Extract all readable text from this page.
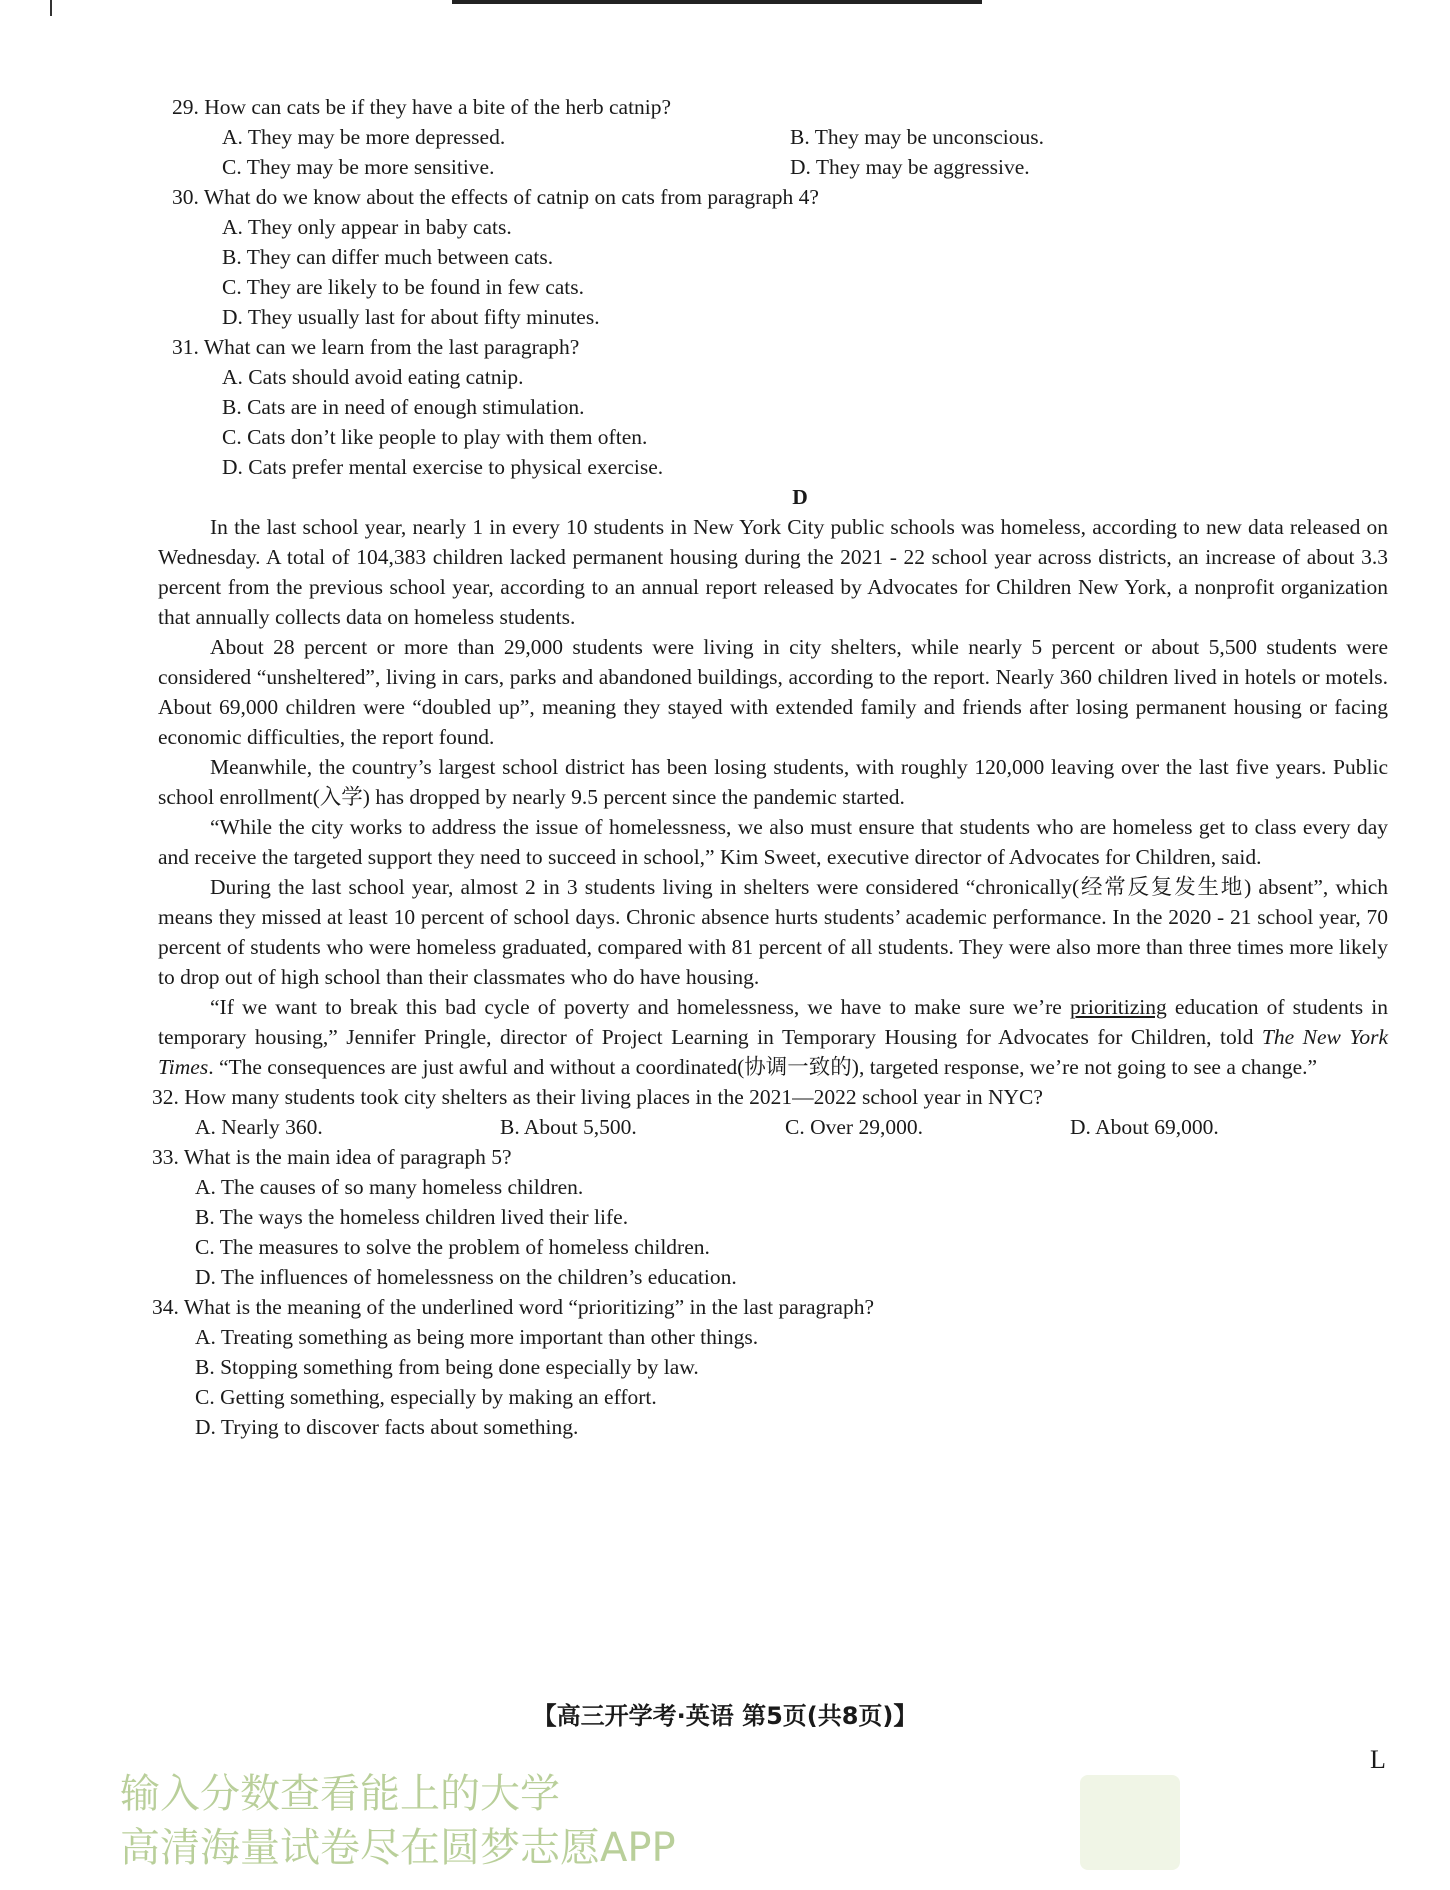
29. How can cats be if they have a bite of the herb catnip?
A. They may be more depressed.	B. They may be unconscious.
C. They may be more sensitive.	D. They may be aggressive.
30. What do we know about the effects of catnip on cats from paragraph 4?
A. They only appear in baby cats.
B. They can differ much between cats.
C. They are likely to be found in few cats.
D. They usually last for about fifty minutes.
31. What can we learn from the last paragraph?
A. Cats should avoid eating catnip.
B. Cats are in need of enough stimulation.
C. Cats don’t like people to play with them often.
D. Cats prefer mental exercise to physical exercise.
D

In the last school year, nearly 1 in every 10 students in New York City public schools was homeless, according to new data released on Wednesday. A total of 104,383 children lacked permanent housing during the 2021 - 22 school year across districts, an increase of about 3.3 percent from the previous school year, according to an annual report released by Advocates for Children New York, a nonprofit organization that annually collects data on homeless students.

About 28 percent or more than 29,000 students were living in city shelters, while nearly 5 percent or about 5,500 students were considered “unsheltered”, living in cars, parks and abandoned buildings, according to the report. Nearly 360 children lived in hotels or motels. About 69,000 children were “doubled up”, meaning they stayed with extended family and friends after losing permanent housing or facing economic difficulties, the report found.

Meanwhile, the country’s largest school district has been losing students, with roughly 120,000 leaving over the last five years. Public school enrollment(入学) has dropped by nearly 9.5 percent since the pandemic started.

“While the city works to address the issue of homelessness, we also must ensure that students who are homeless get to class every day and receive the targeted support they need to succeed in school,” Kim Sweet, executive director of Advocates for Children, said.

During the last school year, almost 2 in 3 students living in shelters were considered “chronically(经常反复发生地) absent”, which means they missed at least 10 percent of school days. Chronic absence hurts students’ academic performance. In the 2020 - 21 school year, 70 percent of students who were homeless graduated, compared with 81 percent of all students. They were also more than three times more likely to drop out of high school than their classmates who do have housing.

“If we want to break this bad cycle of poverty and homelessness, we have to make sure we’re prioritizing education of students in temporary housing,” Jennifer Pringle, director of Project Learning in Temporary Housing for Advocates for Children, told The New York Times. “The consequences are just awful and without a coordinated(协调一致的), targeted response, we’re not going to see a change.”

32. How many students took city shelters as their living places in the 2021—2022 school year in NYC?
A. Nearly 360.	B. About 5,500.	C. Over 29,000.	D. About 69,000.
33. What is the main idea of paragraph 5?
A. The causes of so many homeless children.
B. The ways the homeless children lived their life.
C. The measures to solve the problem of homeless children.
D. The influences of homelessness on the children’s education.
34. What is the meaning of the underlined word “prioritizing” in the last paragraph?
A. Treating something as being more important than other things.
B. Stopping something from being done especially by law.
C. Getting something, especially by making an effort.
D. Trying to discover facts about something.
【高三开学考·英语 第5页(共8页)】
L
输入分数查看能上的大学
高清海量试卷尽在圆梦志愿APP
